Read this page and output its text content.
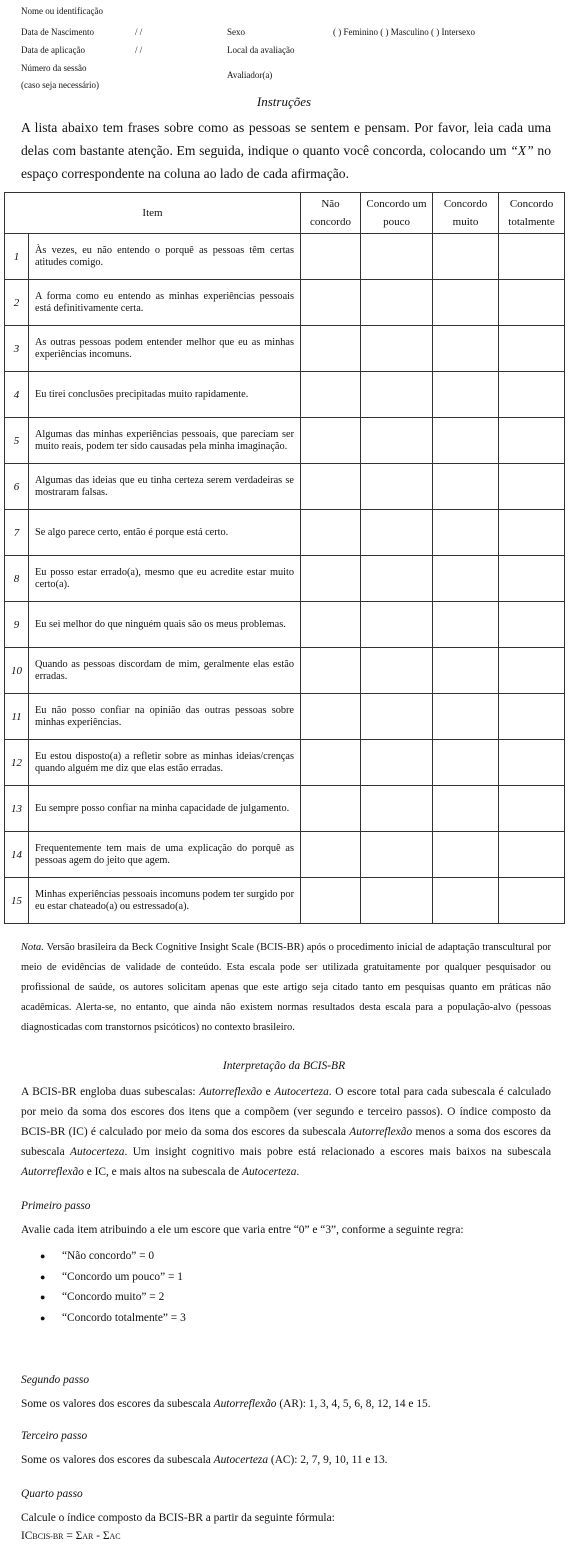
Nome ou identificação
Data de Nascimento	/ /
Data de aplicação	/ /
Número da sessão
(caso seja necessário)
Sexo	( ) Feminino ( ) Masculino ( ) Intersexo
Local da avaliação
Avaliador(a)
Instruções
A lista abaixo tem frases sobre como as pessoas se sentem e pensam. Por favor, leia cada uma delas com bastante atenção. Em seguida, indique o quanto você concorda, colocando um “X” no espaço correspondente na coluna ao lado de cada afirmação.
Item		Não concordo	Concordo um pouco	Concordo muito	Concordo totalmente
1	Às vezes, eu não entendo o porquê as pessoas têm certas atitudes comigo.				
2	A forma como eu entendo as minhas experiências pessoais está definitivamente certa.				
3	As outras pessoas podem entender melhor que eu as minhas experiências incomuns.				
4	Eu tirei conclusões precipitadas muito rapidamente.				
5	Algumas das minhas experiências pessoais, que pareciam ser muito reais, podem ter sido causadas pela minha imaginação.				
6	Algumas das ideias que eu tinha certeza serem verdadeiras se mostraram falsas.				
7	Se algo parece certo, então é porque está certo.				
8	Eu posso estar errado(a), mesmo que eu acredite estar muito certo(a).				
9	Eu sei melhor do que ninguém quais são os meus problemas.				
10	Quando as pessoas discordam de mim, geralmente elas estão erradas.				
11	Eu não posso confiar na opinião das outras pessoas sobre minhas experiências.				
12	Eu estou disposto(a) a refletir sobre as minhas ideias/crenças quando alguém me diz que elas estão erradas.				
13	Eu sempre posso confiar na minha capacidade de julgamento.				
14	Frequentemente tem mais de uma explicação do porquê as pessoas agem do jeito que agem.				
15	Minhas experiências pessoais incomuns podem ter surgido por eu estar chateado(a) ou estressado(a).				
Nota. Versão brasileira da Beck Cognitive Insight Scale (BCIS-BR) após o procedimento inicial de adaptação transcultural por meio de evidências de validade de conteúdo. Esta escala pode ser utilizada gratuitamente por qualquer pesquisador ou profissional de saúde, os autores solicitam apenas que este artigo seja citado tanto em pesquisas quanto em práticas não acadêmicas. Alerta-se, no entanto, que ainda não existem normas resultados desta escala para a população-alvo (pessoas diagnosticadas com transtornos psicóticos) no contexto brasileiro.
Interpretação da BCIS-BR
A BCIS-BR engloba duas subescalas: Autorreflexão e Autocerteza. O escore total para cada subescala é calculado por meio da soma dos escores dos itens que a compõem (ver segundo e terceiro passos). O índice composto da BCIS-BR (IC) é calculado por meio da soma dos escores da subescala Autorreflexão menos a soma dos escores da subescala Autocerteza. Um insight cognitivo mais pobre está relacionado a escores mais baixos na subescala Autorreflexão e IC, e mais altos na subescala de Autocerteza.
Primeiro passo
Avalie cada item atribuindo a ele um escore que varia entre “0” e “3”, conforme a seguinte regra:
● “Não concordo” = 0
● “Concordo um pouco” = 1
● “Concordo muito” = 2
● “Concordo totalmente” = 3
Segundo passo
Some os valores dos escores da subescala Autorreflexão (AR): 1, 3, 4, 5, 6, 8, 12, 14 e 15.
Terceiro passo
Some os valores dos escores da subescala Autocerteza (AC): 2, 7, 9, 10, 11 e 13.
Quarto passo
Calcule o índice composto da BCIS-BR a partir da seguinte fórmula:
ICBCIS-BR = ΣAR - ΣAC
